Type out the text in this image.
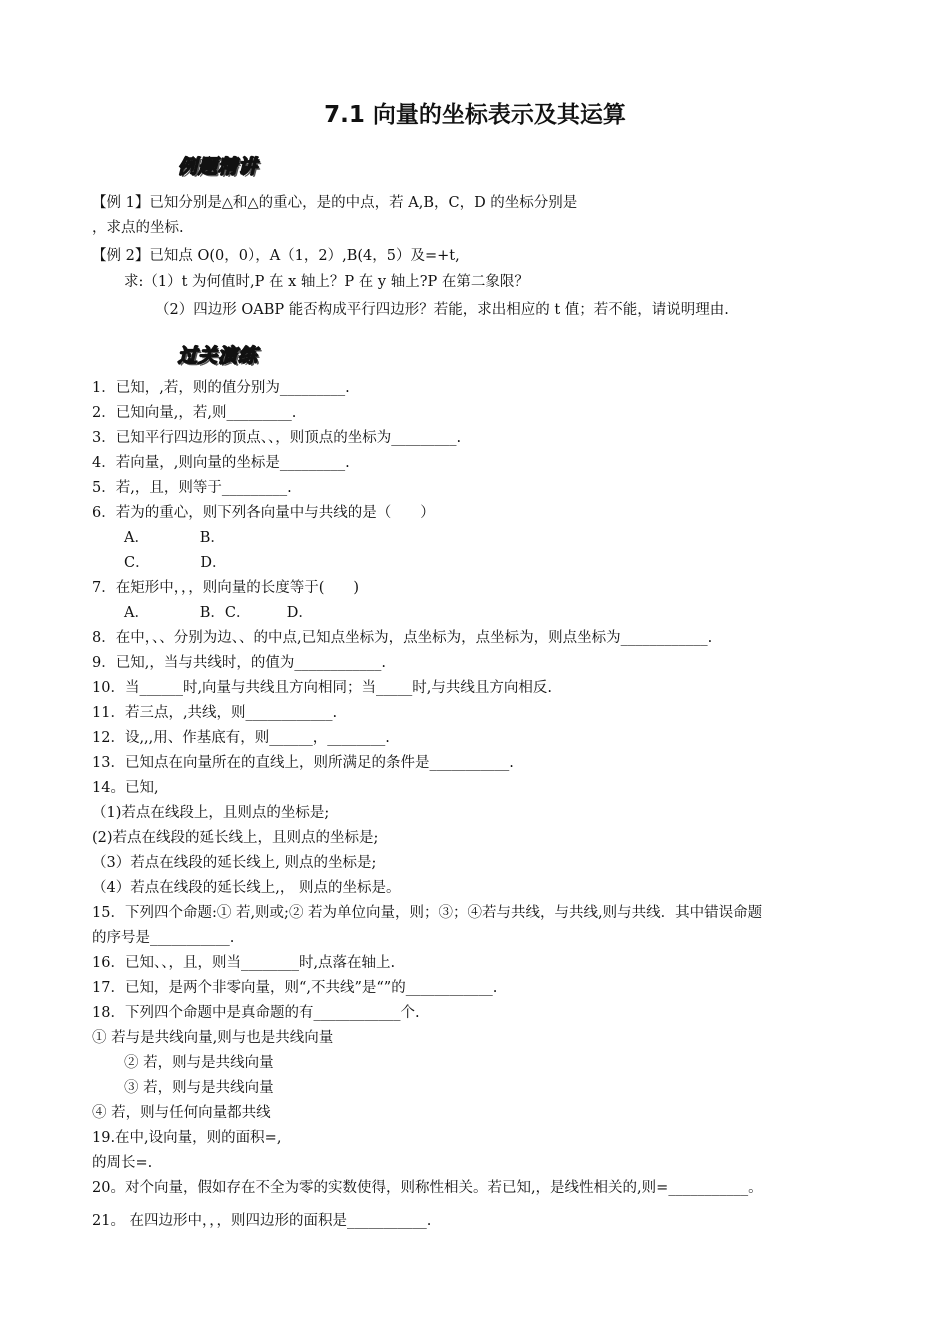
7.1 向量的坐标表示及其运算
例题精讲
【例 1】已知分别是△和△的重心，是的中点，若 A,B，C，D 的坐标分别是
，求点的坐标.
【例 2】已知点 O(0，0），A（1，2）,B(4，5）及=+t,
求:（1）t 为何值时,P 在 x 轴上？P 在 y 轴上?P 在第二象限？
（2）四边形 OABP 能否构成平行四边形？若能，求出相应的 t 值；若不能，请说明理由.
过关演练
1．已知，,若，则的值分别为_________.
2．已知向量,，若,则_________.
3．已知平行四边形的顶点、、，则顶点的坐标为_________.
4．若向量，,则向量的坐标是_________.
5．若,，且，则等于_________.
6．若为的重心，则下列各向量中与共线的是（　　）
A．　　　　B．
C．　　　　D．
7．在矩形中，，，则向量的长度等于(　　)
A．　　　　B．C．　　　D．
8．在中，、、分别为边、、的中点,已知点坐标为，点坐标为，点坐标为，则点坐标为____________.
9．已知,，当与共线时，的值为____________.
10．当______时,向量与共线且方向相同；当_____时,与共线且方向相反.
11．若三点，,共线，则____________.
12．设,,,用、作基底有，则______，________.
13．已知点在向量所在的直线上，则所满足的条件是___________.
14。已知,
（1)若点在线段上，且则点的坐标是;
(2)若点在线段的延长线上，且则点的坐标是;
（3）若点在线段的延长线上, 则点的坐标是;
（4）若点在线段的延长线上,， 则点的坐标是。
15．下列四个命题:① 若,则或;② 若为单位向量，则；③；④若与共线，与共线,则与共线．其中错误命题
的序号是___________.
16．已知、、，且，则当________时,点落在轴上.
17．已知，是两个非零向量，则“,不共线”是“”的____________.
18．下列四个命题中是真命题的有____________个.
① 若与是共线向量,则与也是共线向量
② 若，则与是共线向量
③ 若，则与是共线向量
④ 若，则与任何向量都共线
19.在中,设向量，则的面积=,
的周长=.
20。对个向量，假如存在不全为零的实数使得，则称性相关。若已知,，是线性相关的,则=___________。
21。 在四边形中，，，则四边形的面积是___________.
